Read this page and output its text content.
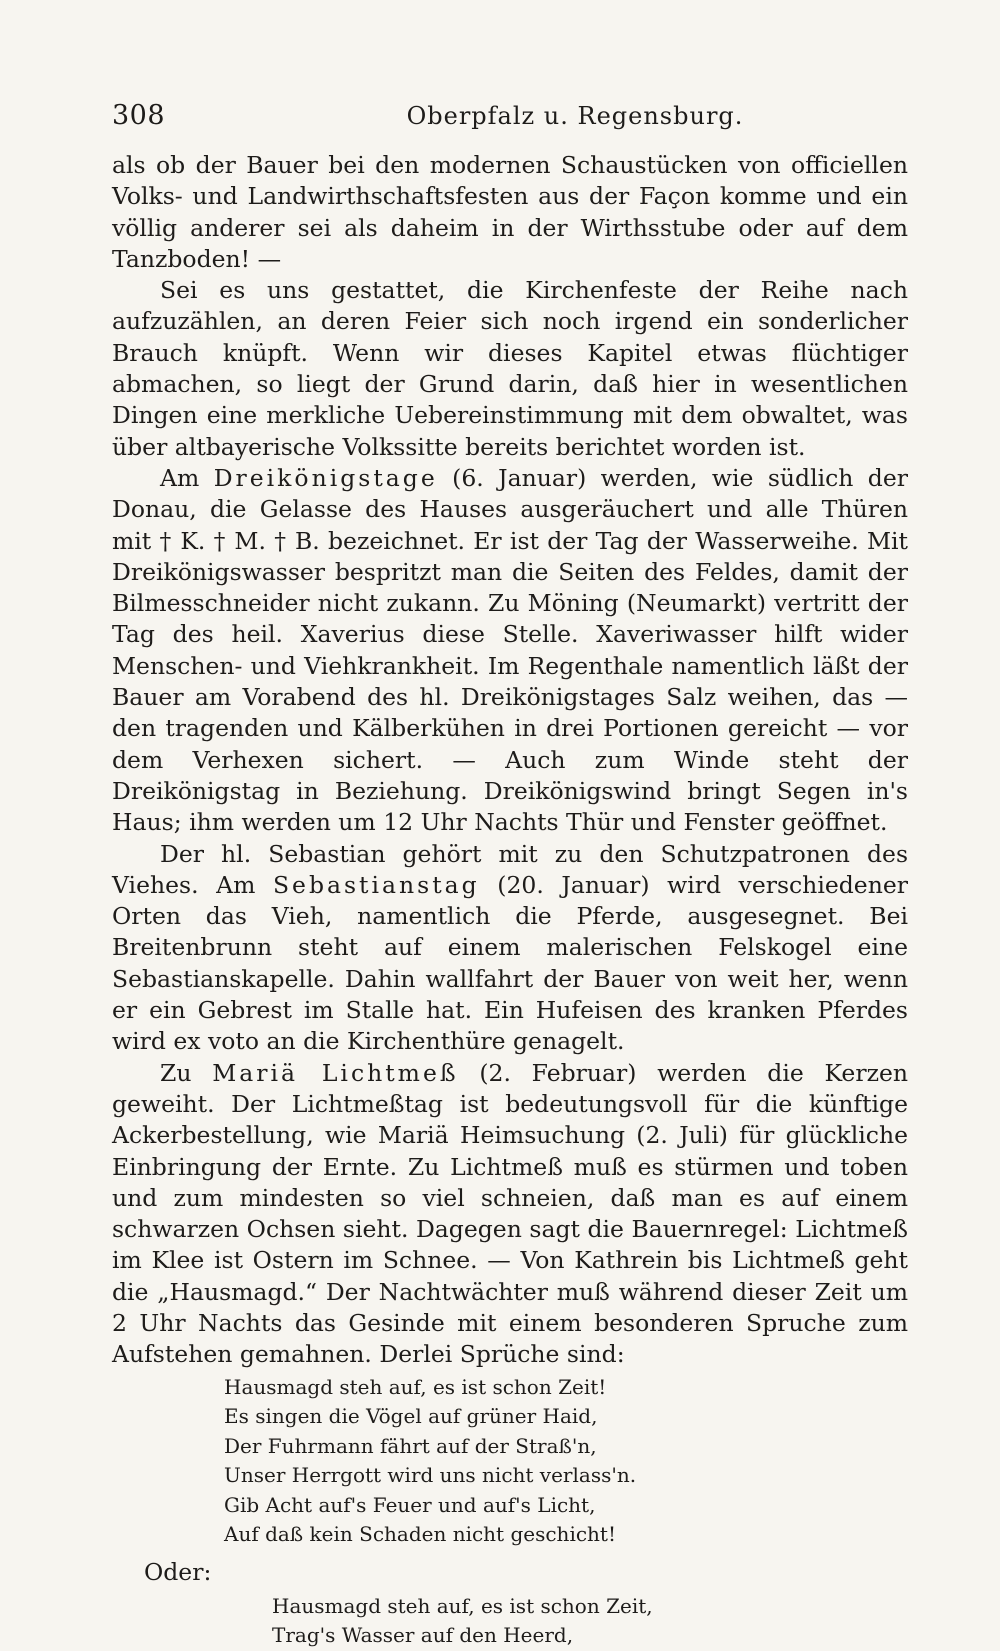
308	Oberpfalz u. Regensburg.

als ob der Bauer bei den modernen Schaustücken von officiellen Volks- und Landwirthschaftsfesten aus der Façon komme und ein völlig anderer sei als daheim in der Wirthsstube oder auf dem Tanzboden! —

Sei es uns gestattet, die Kirchenfeste der Reihe nach aufzuzählen, an deren Feier sich noch irgend ein sonderlicher Brauch knüpft. Wenn wir dieses Kapitel etwas flüchtiger abmachen, so liegt der Grund darin, daß hier in wesentlichen Dingen eine merkliche Uebereinstimmung mit dem obwaltet, was über altbayerische Volkssitte bereits berichtet worden ist.

Am Dreikönigstage (6. Januar) werden, wie südlich der Donau, die Gelasse des Hauses ausgeräuchert und alle Thüren mit † K. † M. † B. bezeichnet. Er ist der Tag der Wasserweihe. Mit Dreikönigswasser bespritzt man die Seiten des Feldes, damit der Bilmesschneider nicht zukann. Zu Möning (Neumarkt) vertritt der Tag des heil. Xaverius diese Stelle. Xaveriwasser hilft wider Menschen- und Viehkrankheit. Im Regenthale namentlich läßt der Bauer am Vorabend des hl. Dreikönigstages Salz weihen, das — den tragenden und Kälberkühen in drei Portionen gereicht — vor dem Verhexen sichert. — Auch zum Winde steht der Dreikönigstag in Beziehung. Dreikönigswind bringt Segen in's Haus; ihm werden um 12 Uhr Nachts Thür und Fenster geöffnet.

Der hl. Sebastian gehört mit zu den Schutzpatronen des Viehes. Am Sebastianstag (20. Januar) wird verschiedener Orten das Vieh, namentlich die Pferde, ausgesegnet. Bei Breitenbrunn steht auf einem malerischen Felskogel eine Sebastianskapelle. Dahin wallfahrt der Bauer von weit her, wenn er ein Gebrest im Stalle hat. Ein Hufeisen des kranken Pferdes wird ex voto an die Kirchenthüre genagelt.

Zu Mariä Lichtmeß (2. Februar) werden die Kerzen geweiht. Der Lichtmeßtag ist bedeutungsvoll für die künftige Ackerbestellung, wie Mariä Heimsuchung (2. Juli) für glückliche Einbringung der Ernte. Zu Lichtmeß muß es stürmen und toben und zum mindesten so viel schneien, daß man es auf einem schwarzen Ochsen sieht. Dagegen sagt die Bauernregel: Lichtmeß im Klee ist Ostern im Schnee. — Von Kathrein bis Lichtmeß geht die „Hausmagd.“ Der Nachtwächter muß während dieser Zeit um 2 Uhr Nachts das Gesinde mit einem besonderen Spruche zum Aufstehen gemahnen. Derlei Sprüche sind:

Hausmagd steh auf, es ist schon Zeit!
Es singen die Vögel auf grüner Haid,
Der Fuhrmann fährt auf der Straß'n,
Unser Herrgott wird uns nicht verlass'n.
Gib Acht auf's Feuer und auf's Licht,
Auf daß kein Schaden nicht geschicht!
Oder:
Hausmagd steh auf, es ist schon Zeit,
Trag's Wasser auf den Heerd,
